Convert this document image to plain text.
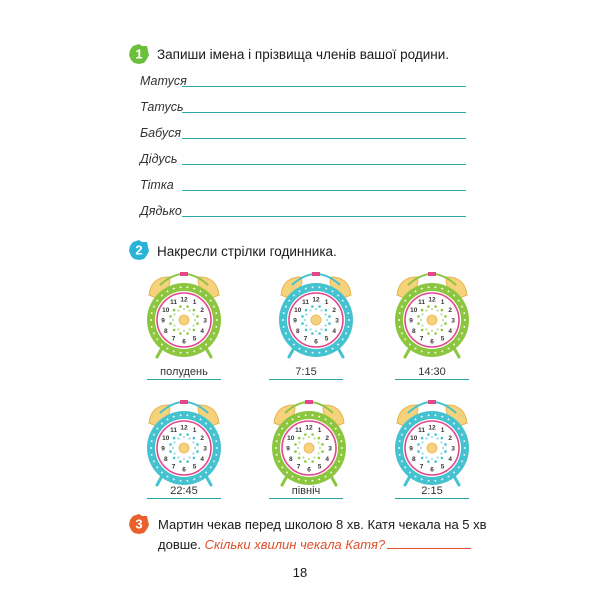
1 Запиши імена і прізвища членів вашої родини.
Матуся
Татусь
Бабуся
Дідусь
Тітка
Дядько
2 Накресли стрілки годинника.
12 1
2
3
4
5
6
7
8
9
10
11	12 1
2
3
4
5
6
7
8
9
10
11	12 1
2
3
4
5
6
7
8
9
10
11
12 1
2
3
4
5
6
7
8
9
10
11	12 1
2
3
4
5
6
7
8
9
10
11	12 1
2
3
4
5
6
7
8
9
10
11
полудень	7:15	14:30
22:45	північ	2:15
3 Мартин чекав перед школою 8 хв. Катя чекала на 5 хв довше. Скільки хвилин чекала Катя?
18
